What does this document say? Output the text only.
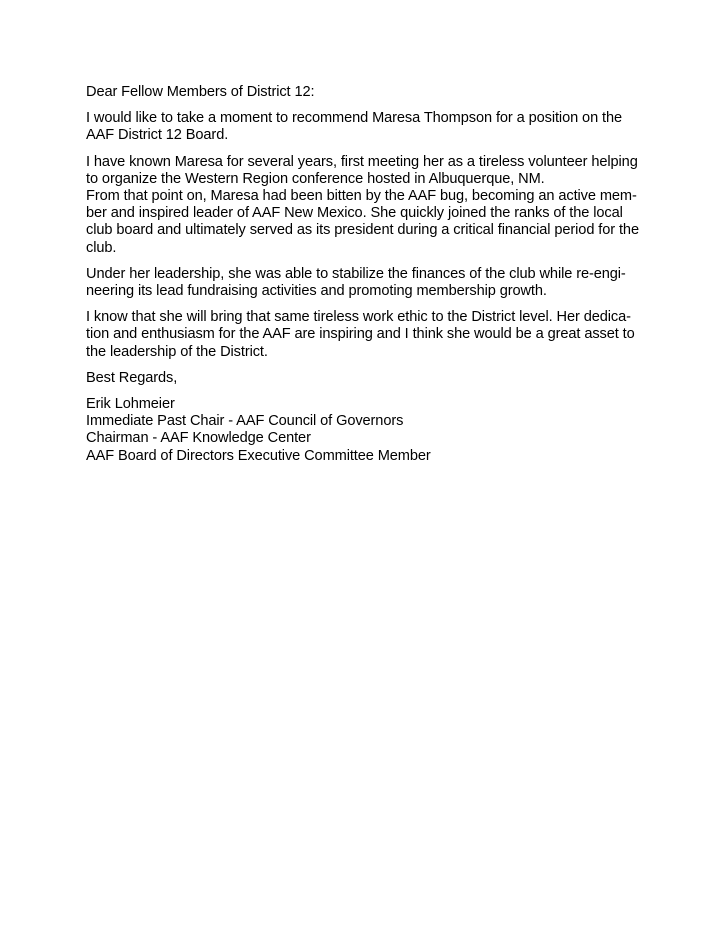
Dear Fellow Members of District 12:

I would like to take a moment to recommend Maresa Thompson for a position on the
AAF District 12 Board.

I have known Maresa for several years, first meeting her as a tireless volunteer helping
to organize the Western Region conference hosted in Albuquerque, NM.
From that point on, Maresa had been bitten by the AAF bug, becoming an active mem-
ber and inspired leader of AAF New Mexico. She quickly joined the ranks of the local
club board and ultimately served as its president during a critical financial period for the
club.

Under her leadership, she was able to stabilize the finances of the club while re-engi-
neering its lead fundraising activities and promoting membership growth.

I know that she will bring that same tireless work ethic to the District level. Her dedica-
tion and enthusiasm for the AAF are inspiring and I think she would be a great asset to
the leadership of the District.

Best Regards,

Erik Lohmeier
Immediate Past Chair - AAF Council of Governors
Chairman - AAF Knowledge Center
AAF Board of Directors Executive Committee Member
